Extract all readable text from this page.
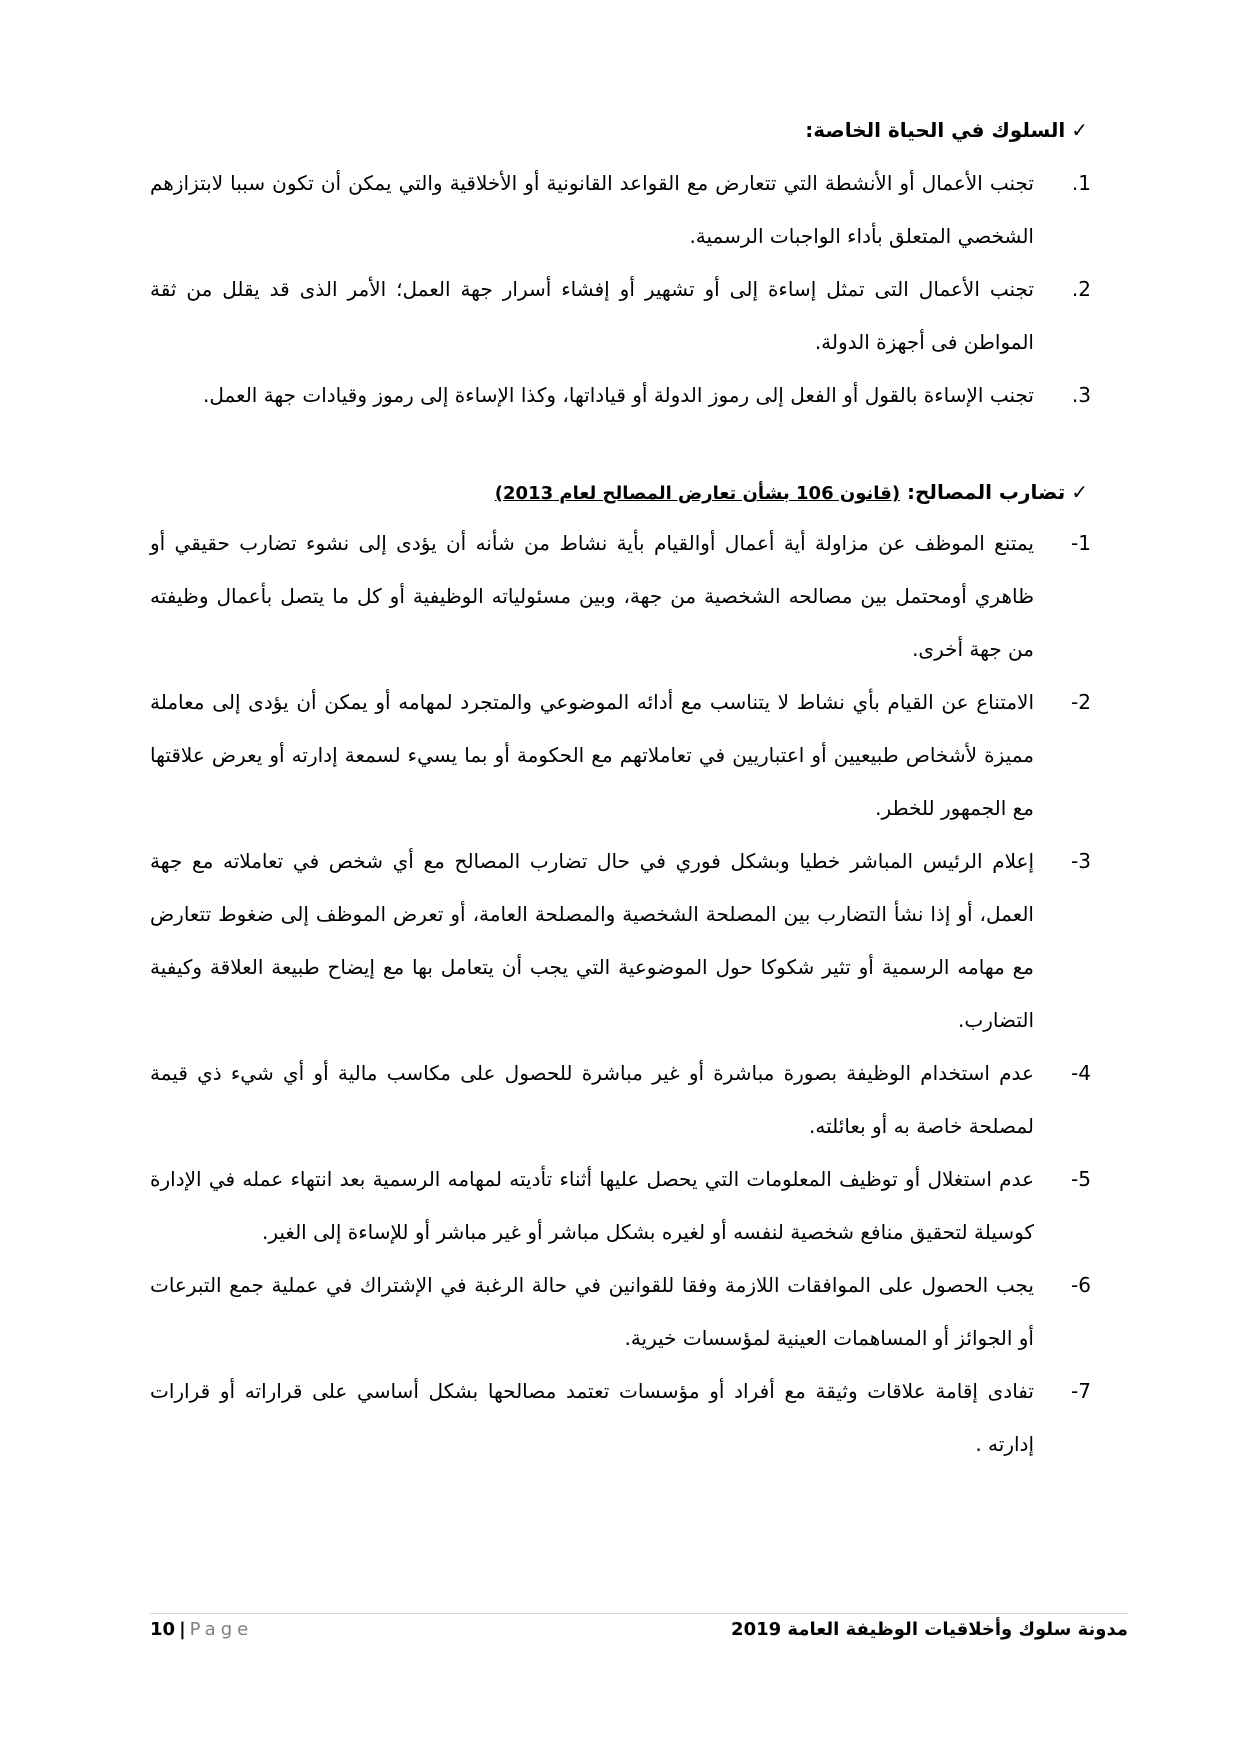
✓السلوك في الحياة الخاصة:
.1
تجنب الأعمال أو الأنشطة التي تتعارض مع القواعد القانونية أو الأخلاقية والتي يمكن أن تكون سببا لابتزازهم الشخصي المتعلق بأداء الواجبات الرسمية.
.2
تجنب الأعمال التى تمثل إساءة إلى أو تشهير أو إفشاء أسرار جهة العمل؛ الأمر الذى قد يقلل من ثقة المواطن فى أجهزة الدولة.
.3
تجنب الإساءة بالقول أو الفعل إلى رموز الدولة أو قياداتها، وكذا الإساءة إلى رموز وقيادات جهة العمل.
✓تضارب المصالح: (قانون 106 بشأن تعارض المصالح لعام 2013)
-1
يمتنع الموظف عن مزاولة أية أعمال أوالقيام بأية نشاط من شأنه أن يؤدى إلى نشوء تضارب حقيقي أو ظاهري أومحتمل بين مصالحه الشخصية من جهة، وبين مسئولياته الوظيفية أو كل ما يتصل بأعمال وظيفته من جهة أخرى.
-2
الامتناع عن القيام بأي نشاط لا يتناسب مع أدائه الموضوعي والمتجرد لمهامه أو يمكن أن يؤدى إلى معاملة مميزة لأشخاص طبيعيين أو اعتباريين في تعاملاتهم مع الحكومة أو بما يسيء لسمعة إدارته أو يعرض علاقتها مع الجمهور للخطر.
-3
إعلام الرئيس المباشر خطيا وبشكل فوري في حال تضارب المصالح مع أي شخص في تعاملاته مع جهة العمل، أو إذا نشأ التضارب بين المصلحة الشخصية والمصلحة العامة، أو تعرض الموظف إلى ضغوط تتعارض مع مهامه الرسمية أو تثير شكوكا حول الموضوعية التي يجب أن يتعامل بها مع إيضاح طبيعة العلاقة وكيفية التضارب.
-4
عدم استخدام الوظيفة بصورة مباشرة أو غير مباشرة للحصول على مكاسب مالية أو أي شيء ذي قيمة لمصلحة خاصة به أو بعائلته.
-5
عدم استغلال أو توظيف المعلومات التي يحصل عليها أثناء تأديته لمهامه الرسمية بعد انتهاء عمله في الإدارة كوسيلة لتحقيق منافع شخصية لنفسه أو لغيره بشكل مباشر أو غير مباشر أو للإساءة إلى الغير.
-6
يجب الحصول على الموافقات اللازمة وفقا للقوانين في حالة الرغبة في الإشتراك في عملية جمع التبرعات أو الجوائز أو المساهمات العينية لمؤسسات خيرية.
-7
تفادى إقامة علاقات وثيقة مع أفراد أو مؤسسات تعتمد مصالحها بشكل أساسي على قراراته أو قرارات إدارته .
10 | Page	مدونة سلوك وأخلاقيات الوظيفة العامة 2019
